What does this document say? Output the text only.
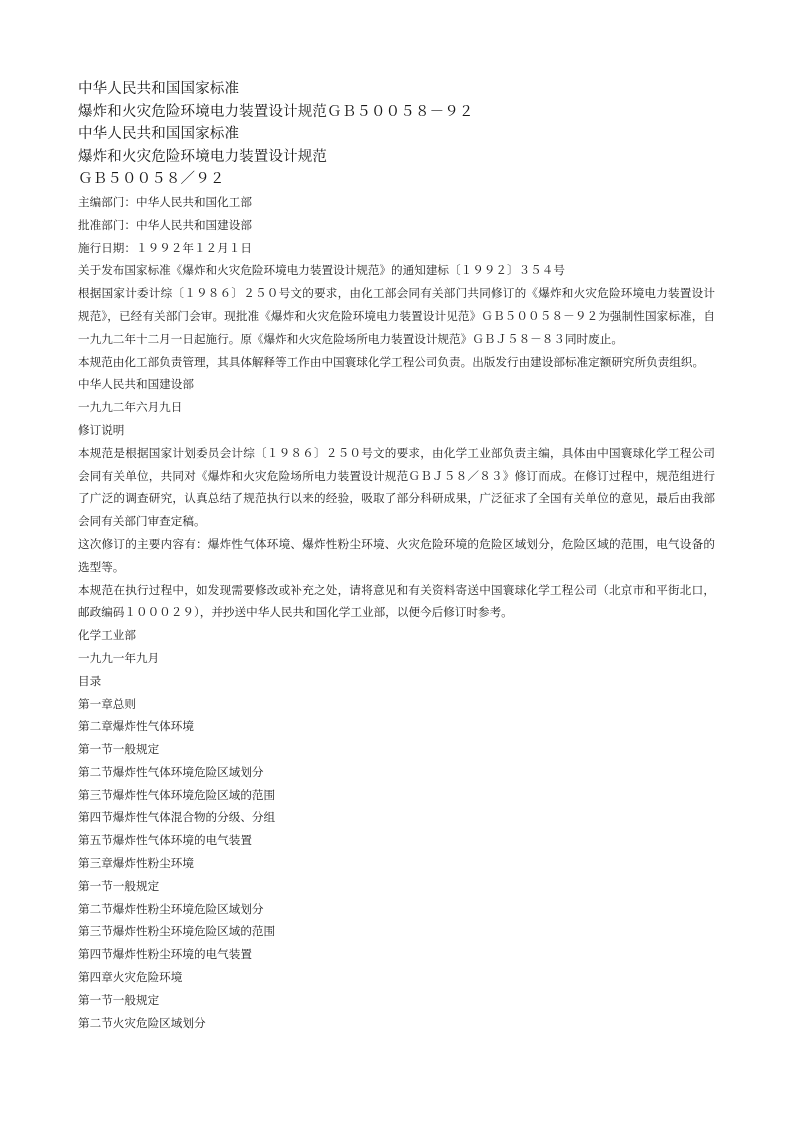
中华人民共和国国家标准
爆炸和火灾危险环境电力装置设计规范ＧＢ５００５８－９２
中华人民共和国国家标准
爆炸和火灾危险环境电力装置设计规范
ＧＢ５００５８／９２
主编部门：中华人民共和国化工部
批准部门：中华人民共和国建设部
施行日期：１９９２年１２月１日
关于发布国家标准《爆炸和火灾危险环境电力装置设计规范》的通知建标〔１９９２〕３５４号

根据国家计委计综〔１９８６〕２５０号文的要求，由化工部会同有关部门共同修订的《爆炸和火灾危险环境电力装置设计规范》，已经有关部门会审。现批准《爆炸和火灾危险环境电力装置设计见范》ＧＢ５００５８－９２为强制性国家标准，自一九九二年十二月一日起施行。原《爆炸和火灾危险场所电力装置设计规范》ＧＢＪ５８－８３同时废止。

本规范由化工部负责管理，其具体解释等工作由中国寰球化学工程公司负责。出版发行由建设部标准定额研究所负责组织。

中华人民共和国建设部
一九九二年六月九日
修订说明

本规范是根据国家计划委员会计综〔１９８６〕２５０号文的要求，由化学工业部负责主编，具体由中国寰球化学工程公司会同有关单位，共同对《爆炸和火灾危险场所电力装置设计规范ＧＢＪ５８／８３》修订而成。在修订过程中，规范组进行了广泛的调查研究，认真总结了规范执行以来的经验，吸取了部分科研成果，广泛征求了全国有关单位的意见，最后由我部会同有关部门审查定稿。

这次修订的主要内容有：爆炸性气体环境、爆炸性粉尘环境、火灾危险环境的危险区域划分，危险区域的范围，电气设备的选型等。

本规范在执行过程中，如发现需要修改或补充之处，请将意见和有关资料寄送中国寰球化学工程公司（北京市和平街北口，邮政编码１０００２９），并抄送中华人民共和国化学工业部，以便今后修订时参考。

化学工业部
一九九一年九月
目录
第一章总则
第二章爆炸性气体环境
第一节一般规定
第二节爆炸性气体环境危险区域划分
第三节爆炸性气体环境危险区域的范围
第四节爆炸性气体混合物的分级、分组
第五节爆炸性气体环境的电气装置
第三章爆炸性粉尘环境
第一节一般规定
第二节爆炸性粉尘环境危险区域划分
第三节爆炸性粉尘环境危险区域的范围
第四节爆炸性粉尘环境的电气装置
第四章火灾危险环境
第一节一般规定
第二节火灾危险区域划分
